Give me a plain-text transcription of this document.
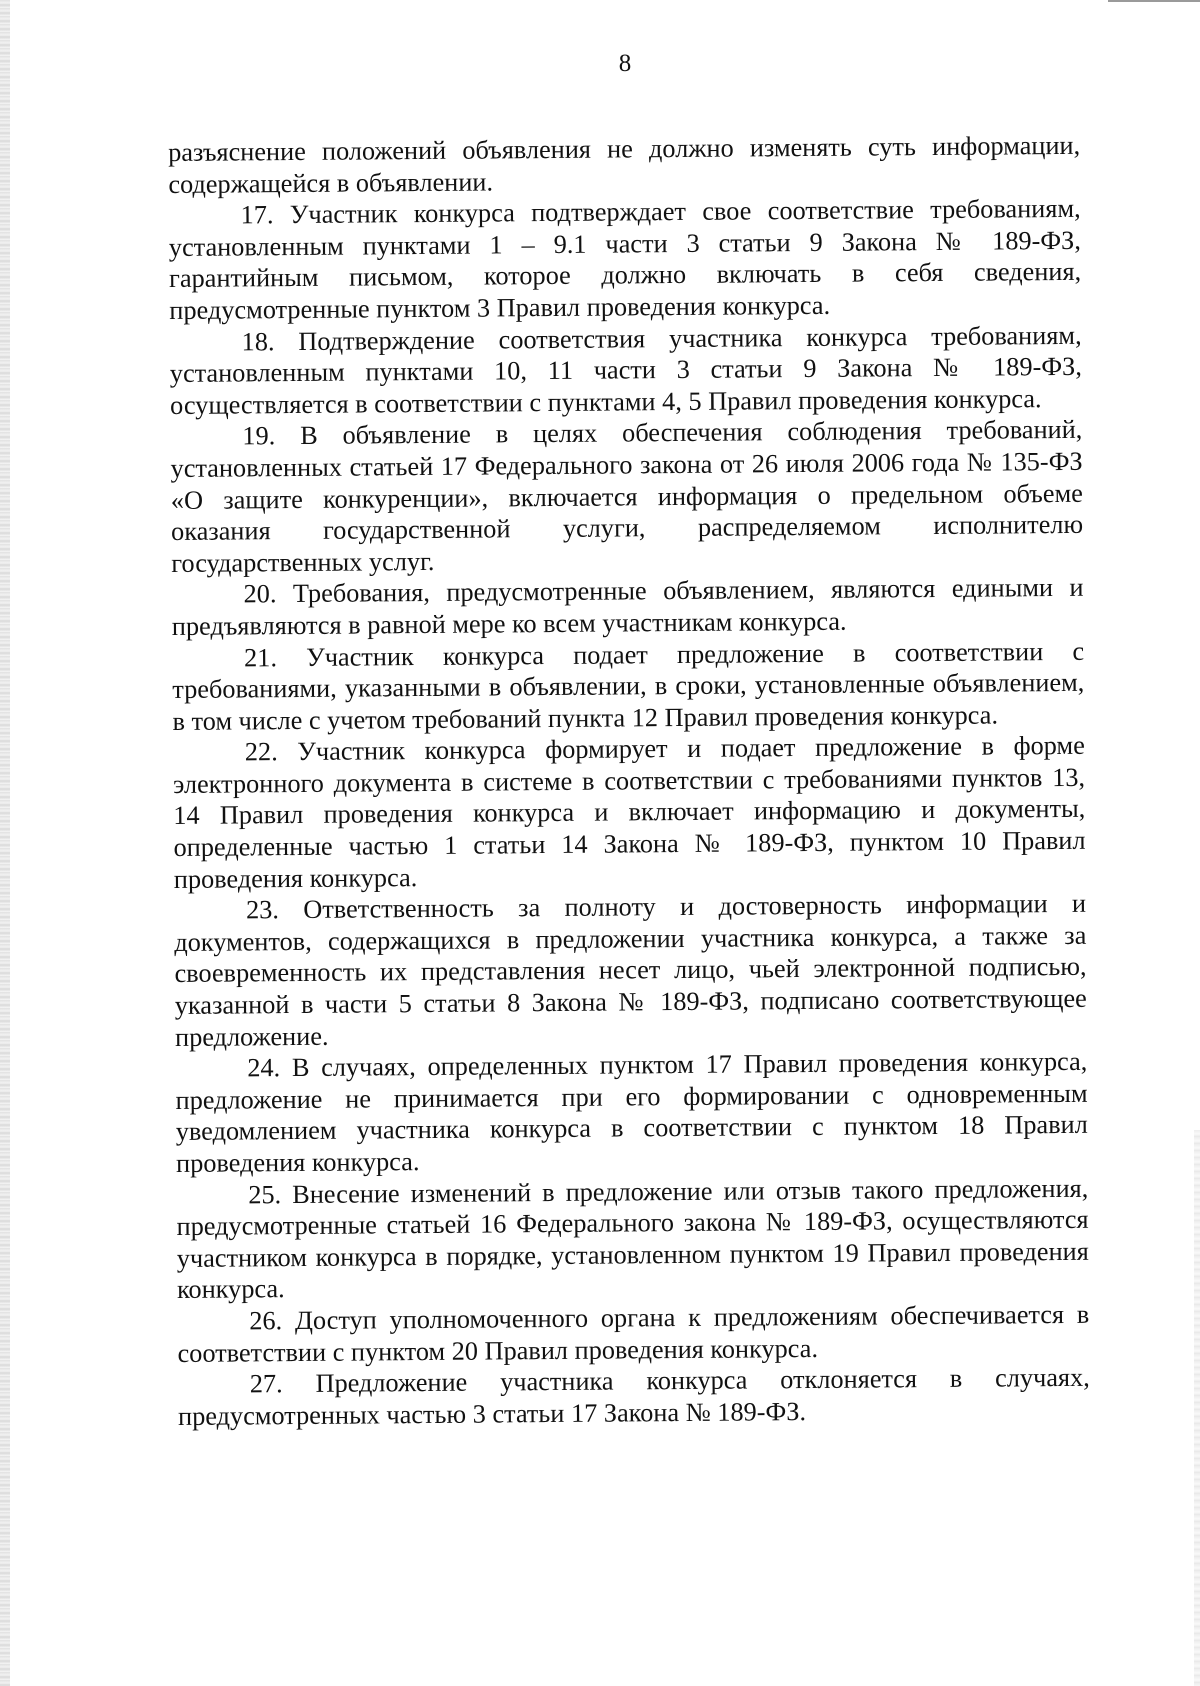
8

разъяснение положений объявления не должно изменять суть информации, содержащейся в объявлении.

17. Участник конкурса подтверждает свое соответствие требованиям, установленным пунктами 1 – 9.1 части 3 статьи 9 Закона № 189-ФЗ, гарантийным письмом, которое должно включать в себя сведения, предусмотренные пунктом 3 Правил проведения конкурса.

18. Подтверждение соответствия участника конкурса требованиям, установленным пунктами 10, 11 части 3 статьи 9 Закона № 189-ФЗ, осуществляется в соответствии с пунктами 4, 5 Правил проведения конкурса.

19. В объявление в целях обеспечения соблюдения требований, установленных статьей 17 Федерального закона от 26 июля 2006 года № 135-ФЗ «О защите конкуренции», включается информация о предельном объеме оказания государственной услуги, распределяемом исполнителю государственных услуг.

20. Требования, предусмотренные объявлением, являются едиными и предъявляются в равной мере ко всем участникам конкурса.

21. Участник конкурса подает предложение в соответствии с требованиями, указанными в объявлении, в сроки, установленные объявлением, в том числе с учетом требований пункта 12 Правил проведения конкурса.

22. Участник конкурса формирует и подает предложение в форме электронного документа в системе в соответствии с требованиями пунктов 13, 14 Правил проведения конкурса и включает информацию и документы, определенные частью 1 статьи 14 Закона № 189-ФЗ, пунктом 10 Правил проведения конкурса.

23. Ответственность за полноту и достоверность информации и документов, содержащихся в предложении участника конкурса, а также за своевременность их представления несет лицо, чьей электронной подписью, указанной в части 5 статьи 8 Закона № 189-ФЗ, подписано соответствующее предложение.

24. В случаях, определенных пунктом 17 Правил проведения конкурса, предложение не принимается при его формировании с одновременным уведомлением участника конкурса в соответствии с пунктом 18 Правил проведения конкурса.

25. Внесение изменений в предложение или отзыв такого предложения, предусмотренные статьей 16 Федерального закона № 189-ФЗ, осуществляются участником конкурса в порядке, установленном пунктом 19 Правил проведения конкурса.

26. Доступ уполномоченного органа к предложениям обеспечивается в соответствии с пунктом 20 Правил проведения конкурса.

27. Предложение участника конкурса отклоняется в случаях, предусмотренных частью 3 статьи 17 Закона № 189-ФЗ.
